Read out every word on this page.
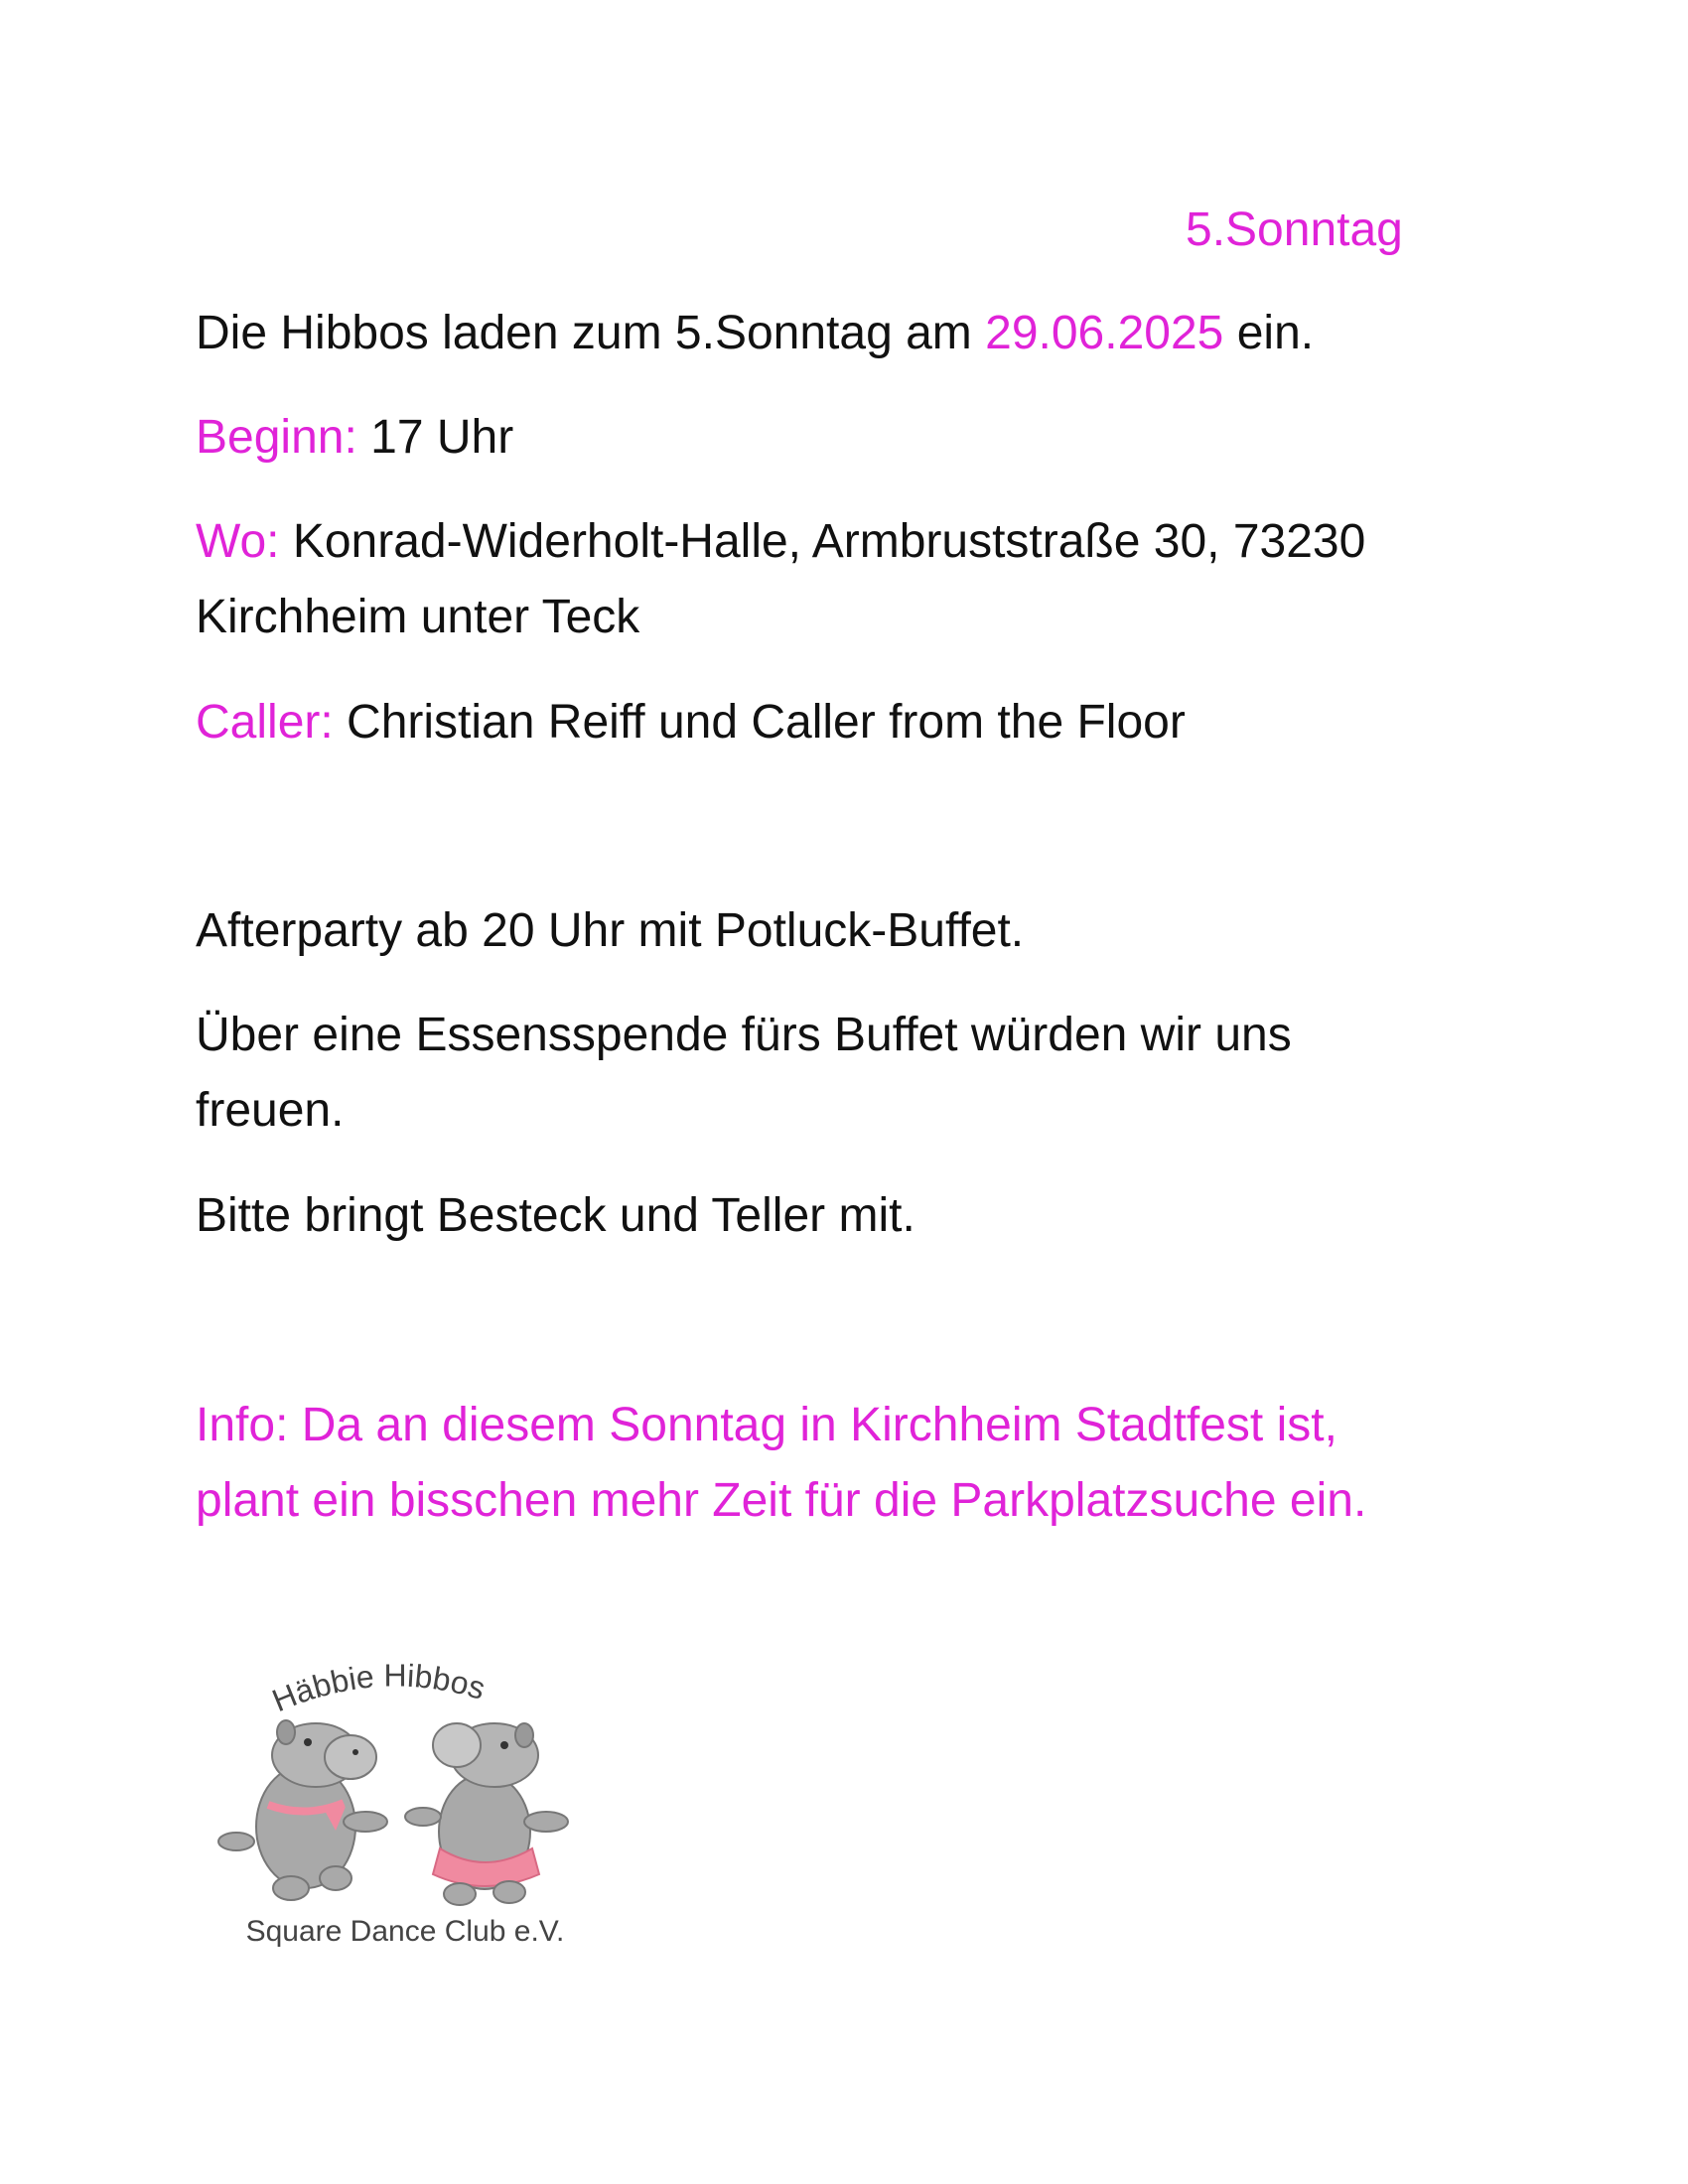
5.Sonntag

Die Hibbos laden zum 5.Sonntag am 29.06.2025 ein.

Beginn: 17 Uhr

Wo: Konrad-Widerholt-Halle, Armbruststraße 30, 73230

Kirchheim unter Teck

Caller: Christian Reiff und Caller from the Floor

Afterparty ab 20 Uhr mit Potluck-Buffet.

Über eine Essensspende fürs Buffet würden wir uns

freuen.

Bitte bringt Besteck und Teller mit.

Info: Da an diesem Sonntag in Kirchheim Stadtfest ist,

plant ein bisschen mehr Zeit für die Parkplatzsuche ein.

Häbbie Hibbos
Square Dance Club e.V.
